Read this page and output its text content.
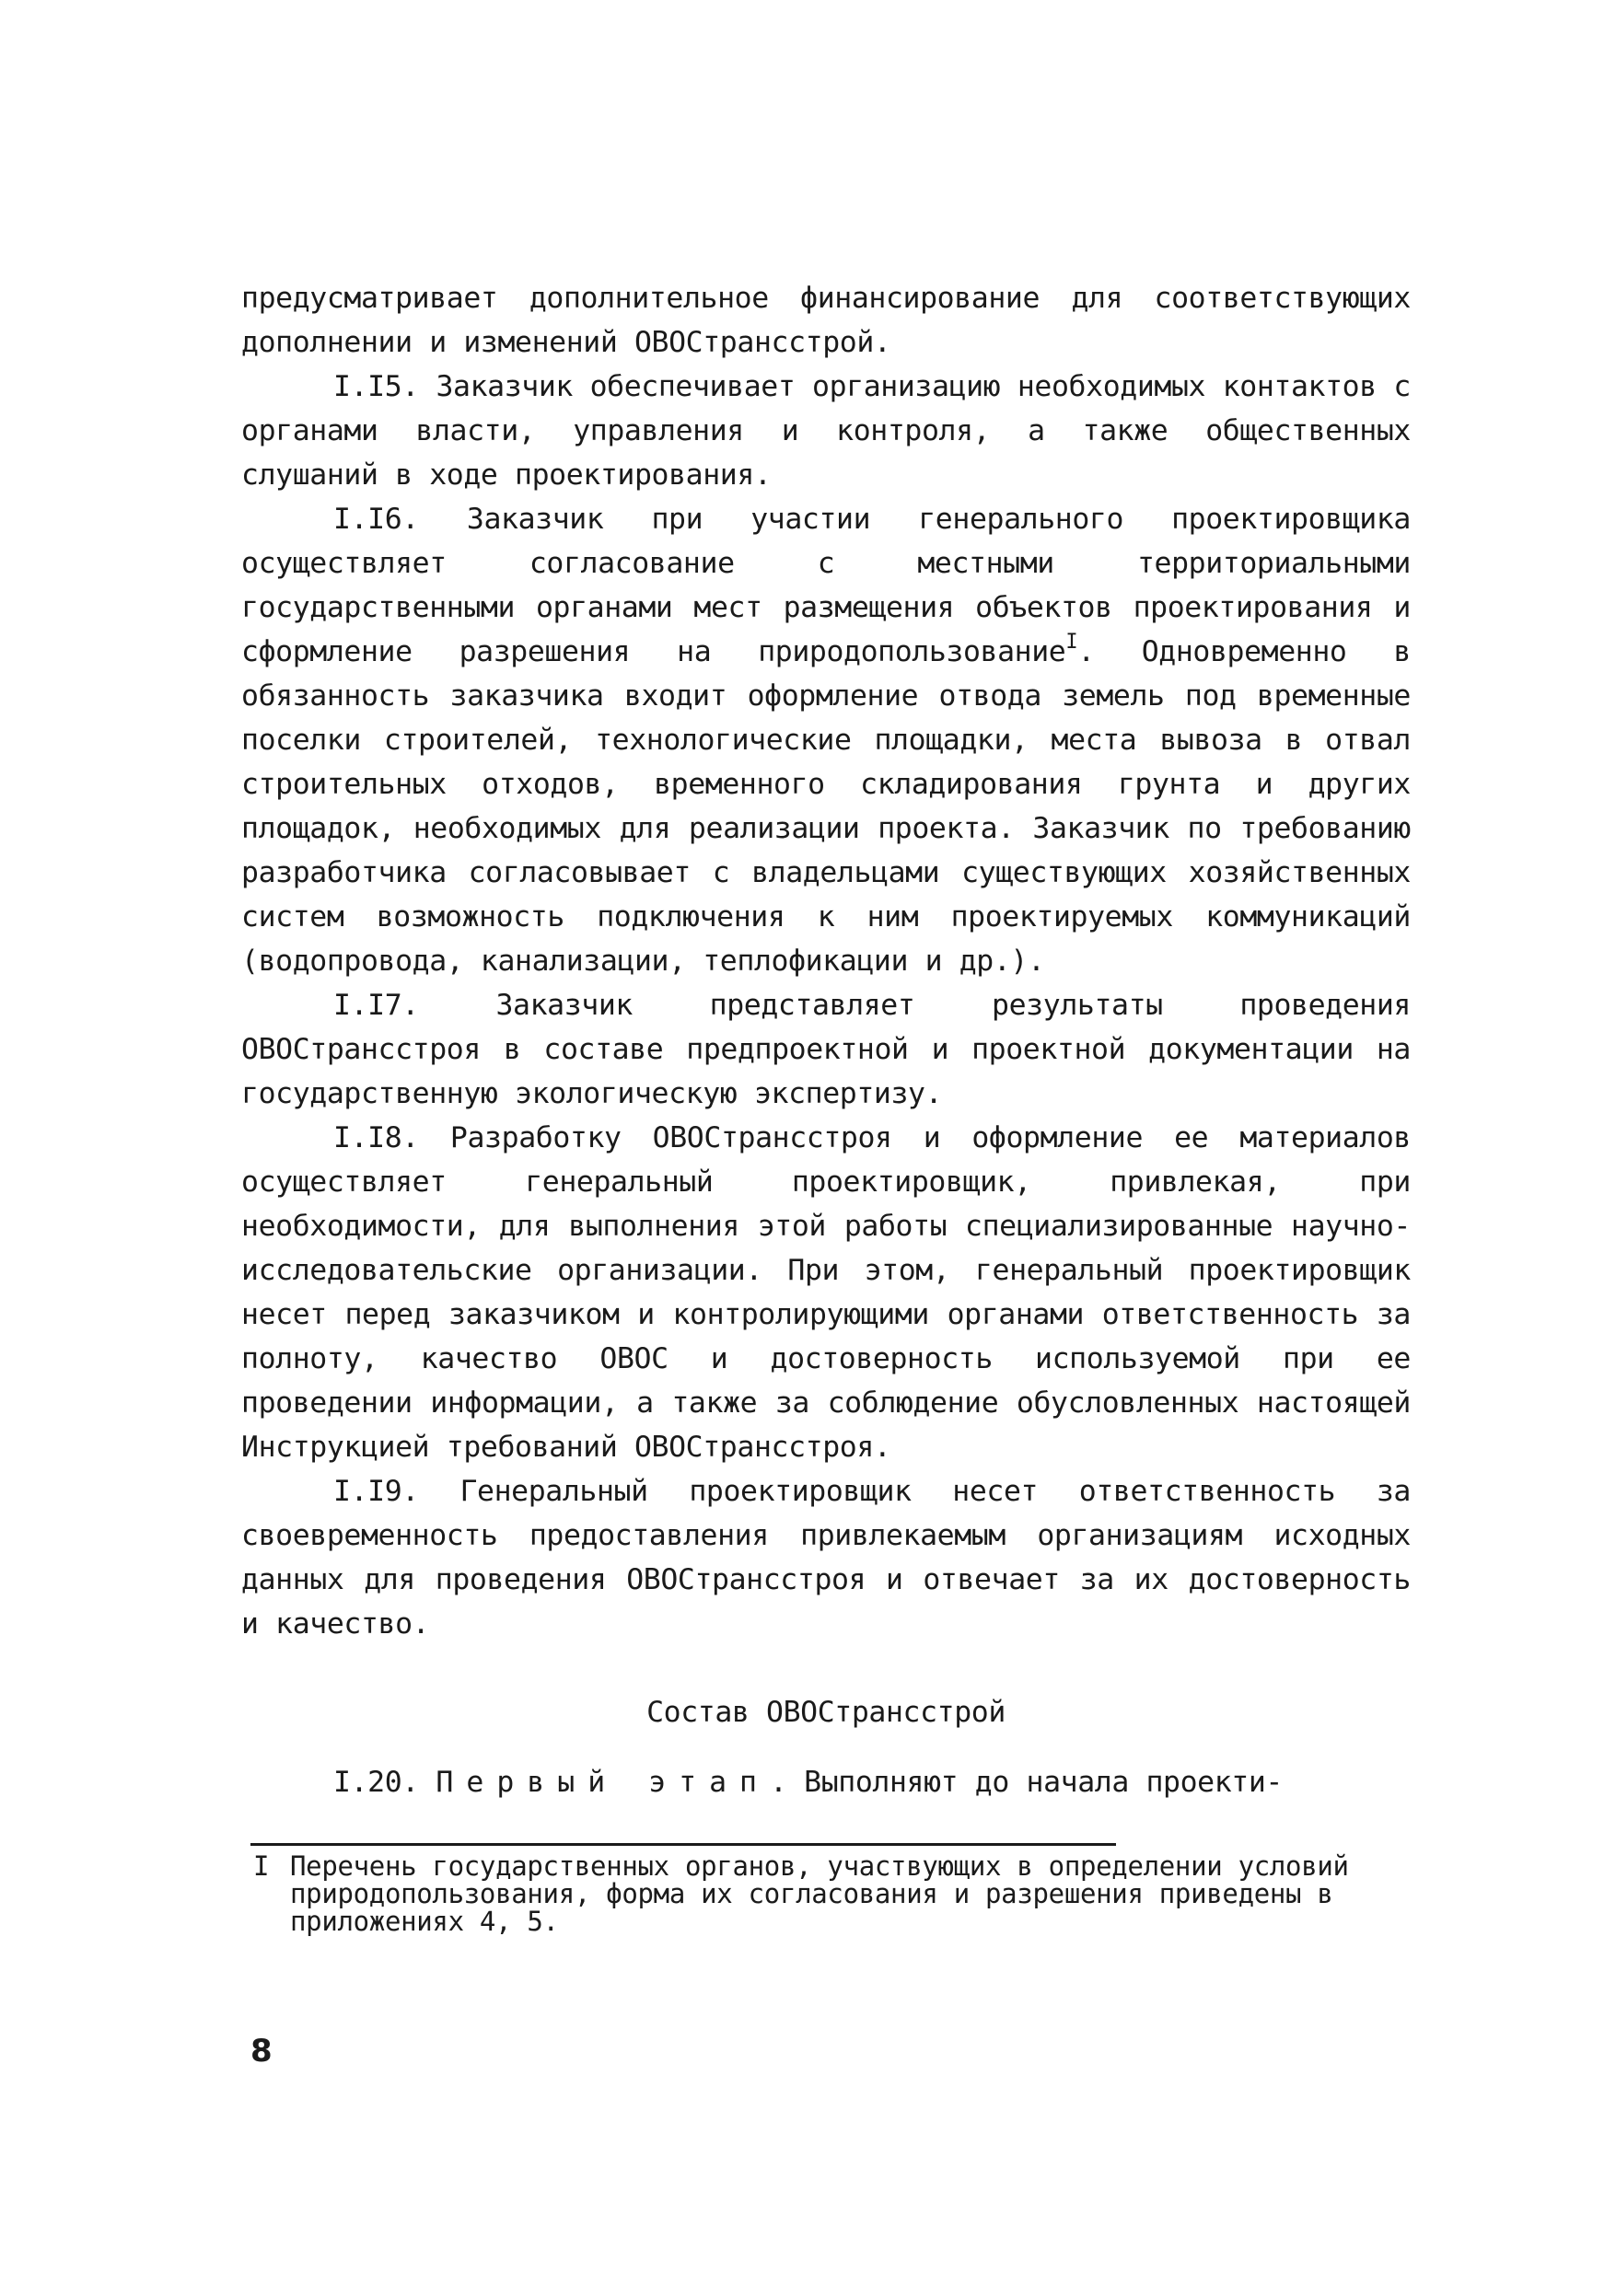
предусматривает дополнительное финансирование для соответствующих дополнении и изменений ОВОСтрансстрой.

I.I5. Заказчик обеспечивает организацию необходимых контактов с органами власти, управления и контроля, а также общественных слушаний в ходе проектирования.

I.I6. Заказчик при участии генерального проектировщика осуществляет согласование с местными территориальными государственными органами мест размещения объектов проектирования и сформление разрешения на природопользование$^I$. Одновременно в обязанность заказчика входит оформление отвода земель под временные поселки строителей, технологические площадки, места вывоза в отвал строительных отходов, временного складирования грунта и других площадок, необходимых для реализации проекта. Заказчик по требованию разработчика согласовывает с владельцами существующих хозяйственных систем возможность подключения к ним проектируемых коммуникаций (водопровода, канализации, теплофикации и др.).

I.I7. Заказчик представляет результаты проведения ОВОСтрансстроя в составе предпроектной и проектной документации на государственную экологическую экспертизу.

I.I8. Разработку ОВОСтрансстроя и оформление ее материалов осуществляет генеральный проектировщик, привлекая, при необходимости, для выполнения этой работы специализированные научно-исследовательские организации. При этом, генеральный проектировщик несет перед заказчиком и контролирующими органами ответственность за полноту, качество ОВОС и достоверность используемой при ее проведении информации, а также за соблюдение обусловленных настоящей Инструкцией требований ОВОСтрансстроя.

I.I9. Генеральный проектировщик несет ответственность за своевременность предоставления привлекаемым организациям исходных данных для проведения ОВОСтрансстроя и отвечает за их достоверность и качество.

Состав ОВОСтрансстрой
I.20. Первый этап. Выполняют до начала проекти-
I Перечень государственных органов, участвующих в определении условий природопользования, форма их согласования и разрешения приведены в приложениях 4, 5.
8
